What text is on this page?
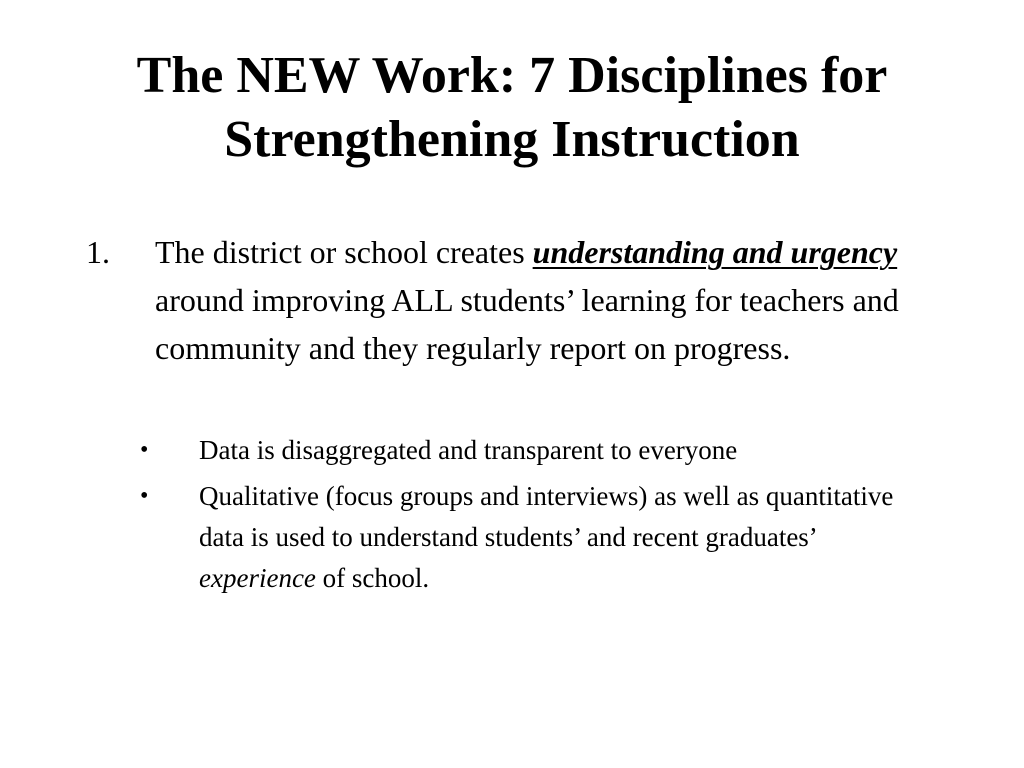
The NEW Work: 7 Disciplines for
Strengthening Instruction
1. The district or school creates understanding and urgency around improving ALL students’ learning for teachers and community and they regularly report on progress.
• Data is disaggregated and transparent to everyone
• Qualitative (focus groups and interviews) as well as quantitative data is used to understand students’ and recent graduates’ experience of school.
